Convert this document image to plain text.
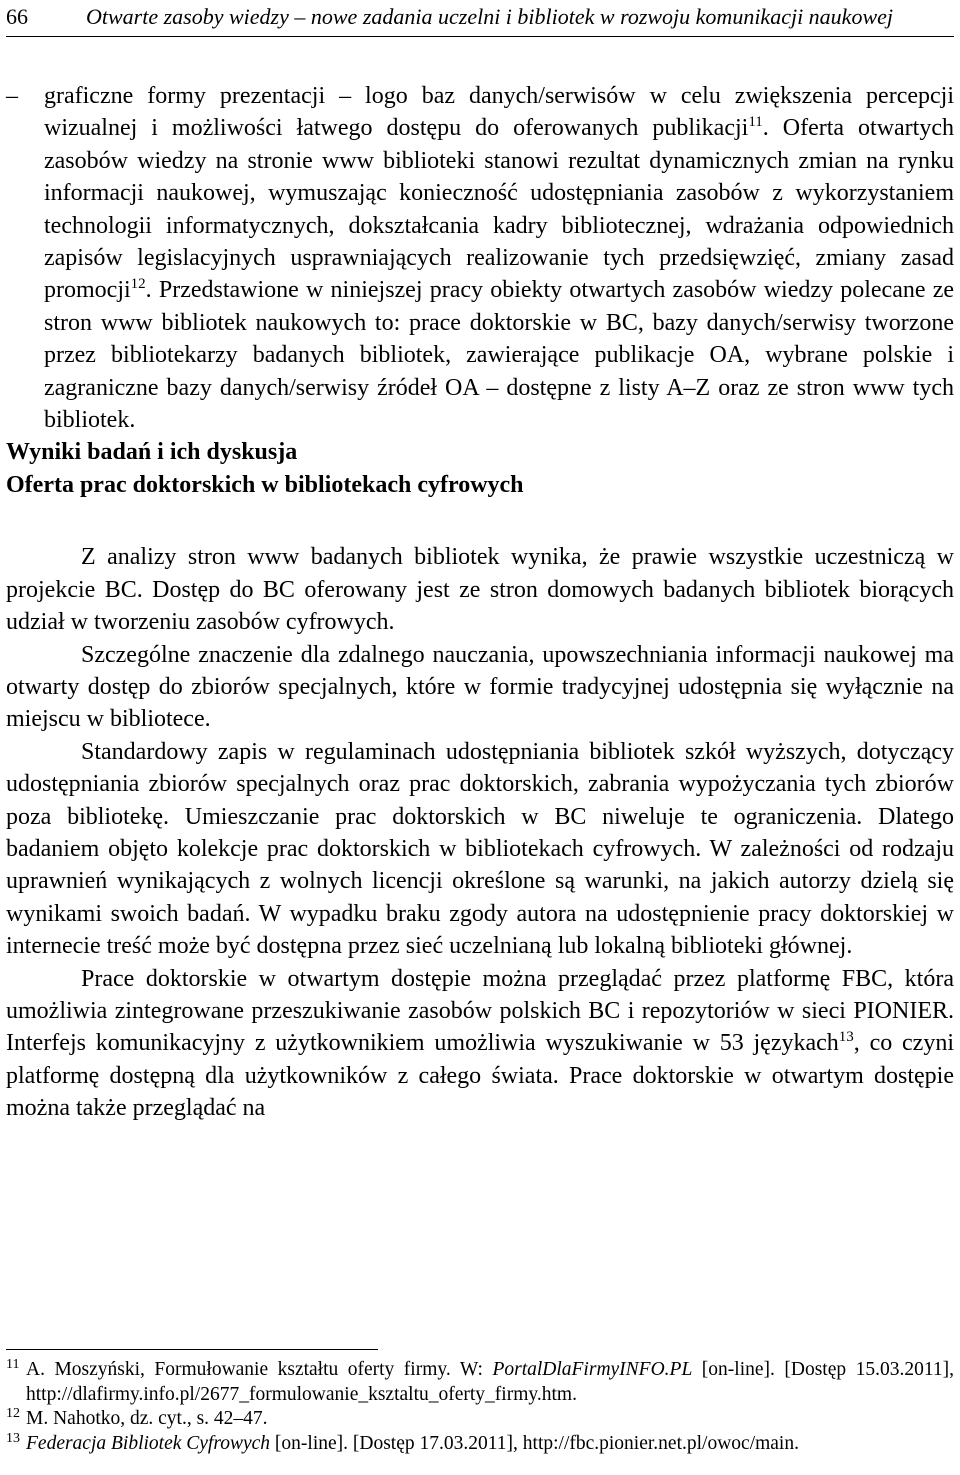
66	Otwarte zasoby wiedzy – nowe zadania uczelni i bibliotek w rozwoju komunikacji naukowej

– graficzne formy prezentacji – logo baz danych/serwisów w celu zwiększenia percepcji wizualnej i możliwości łatwego dostępu do oferowanych publikacji$^{11}$. Oferta otwartych zasobów wiedzy na stronie www biblioteki stanowi rezultat dynamicznych zmian na rynku informacji naukowej, wymuszając konieczność udostępniania zasobów z wykorzystaniem technologii informatycznych, dokształcania kadry bibliotecznej, wdrażania odpowiednich zapisów legislacyjnych usprawniających realizowanie tych przedsięwzięć, zmiany zasad promocji$^{12}$. Przedstawione w niniejszej pracy obiekty otwartych zasobów wiedzy polecane ze stron www bibliotek naukowych to: prace doktorskie w BC, bazy danych/serwisy tworzone przez bibliotekarzy badanych bibliotek, zawierające publikacje OA, wybrane polskie i zagraniczne bazy danych/serwisy źródeł OA – dostępne z listy A–Z oraz ze stron www tych bibliotek.

Wyniki badań i ich dyskusja

Oferta prac doktorskich w bibliotekach cyfrowych

Z analizy stron www badanych bibliotek wynika, że prawie wszystkie uczestniczą w projekcie BC. Dostęp do BC oferowany jest ze stron domowych badanych bibliotek biorących udział w tworzeniu zasobów cyfrowych.

Szczególne znaczenie dla zdalnego nauczania, upowszechniania informacji naukowej ma otwarty dostęp do zbiorów specjalnych, które w formie tradycyjnej udostępnia się wyłącznie na miejscu w bibliotece.

Standardowy zapis w regulaminach udostępniania bibliotek szkół wyższych, dotyczący udostępniania zbiorów specjalnych oraz prac doktorskich, zabrania wypożyczania tych zbiorów poza bibliotekę. Umieszczanie prac doktorskich w BC niweluje te ograniczenia. Dlatego badaniem objęto kolekcje prac doktorskich w bibliotekach cyfrowych. W zależności od rodzaju uprawnień wynikających z wolnych licencji określone są warunki, na jakich autorzy dzielą się wynikami swoich badań. W wypadku braku zgody autora na udostępnienie pracy doktorskiej w internecie treść może być dostępna przez sieć uczelnianą lub lokalną biblioteki głównej.

Prace doktorskie w otwartym dostępie można przeglądać przez platformę FBC, która umożliwia zintegrowane przeszukiwanie zasobów polskich BC i repozytoriów w sieci PIONIER. Interfejs komunikacyjny z użytkownikiem umożliwia wyszukiwanie w 53 językach$^{13}$, co czyni platformę dostępną dla użytkowników z całego świata. Prace doktorskie w otwartym dostępie można także przeglądać na

11 A. Moszyński, Formułowanie kształtu oferty firmy. W: PortalDlaFirmyINFO.PL [on-line]. [Dostęp 15.03.2011], http://dlafirmy.info.pl/2677_formulowanie_ksztaltu_oferty_firmy.htm.

12 M. Nahotko, dz. cyt., s. 42–47.

13 Federacja Bibliotek Cyfrowych [on-line]. [Dostęp 17.03.2011], http://fbc.pionier.net.pl/owoc/main.
